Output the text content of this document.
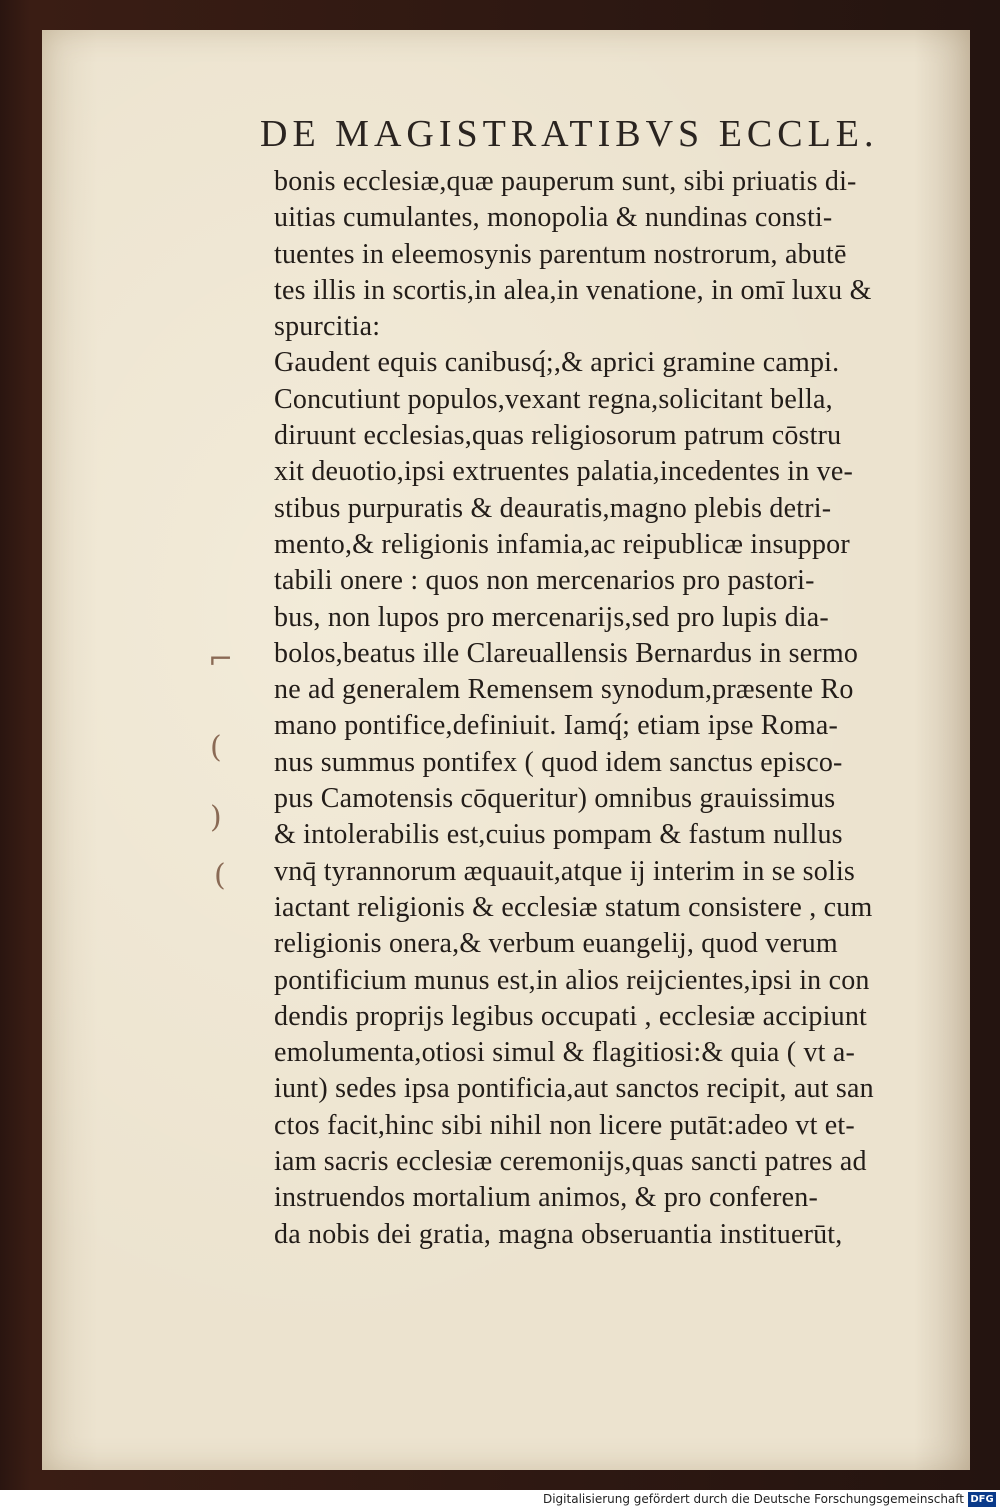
DE MAGISTRATIBVS ECCLE.
⌐
(
)
(
bonis ecclesiæ,quæ pauperum sunt, sibi priuatis di-
uitias cumulantes, monopolia & nundinas consti-
tuentes in eleemosynis parentum nostrorum, abutē
tes illis in scortis,in alea,in venatione, in omī luxu &
spurcitia:
Gaudent equis canibusq́;,& aprici gramine campi.
Concutiunt populos,vexant regna,solicitant bella,
diruunt ecclesias,quas religiosorum patrum cōstru
xit deuotio,ipsi extruentes palatia,incedentes in ve-
stibus purpuratis & deauratis,magno plebis detri-
mento,& religionis infamia,ac reipublicæ insuppor
tabili onere : quos non mercenarios pro pastori-
bus, non lupos pro mercenarijs,sed pro lupis dia-
bolos,beatus ille Clareuallensis Bernardus in sermo
ne ad generalem Remensem synodum,præsente Ro
mano pontifice,definiuit. Iamq́; etiam ipse Roma-
nus summus pontifex ( quod idem sanctus episco-
pus Camotensis cōqueritur) omnibus grauissimus
& intolerabilis est,cuius pompam & fastum nullus
vnq̄ tyrannorum æquauit,atque ij interim in se solis
iactant religionis & ecclesiæ statum consistere , cum
religionis onera,& verbum euangelij, quod verum
pontificium munus est,in alios reijcientes,ipsi in con
dendis proprijs legibus occupati , ecclesiæ accipiunt
emolumenta,otiosi simul & flagitiosi:& quia ( vt a-
iunt) sedes ipsa pontificia,aut sanctos recipit, aut san
ctos facit,hinc sibi nihil non licere putāt:adeo vt et-
iam sacris ecclesiæ ceremonijs,quas sancti patres ad
instruendos mortalium animos, & pro conferen-
da nobis dei gratia, magna obseruantia instituerūt,
Digitalisierung gefördert durch die Deutsche Forschungsgemeinschaft DFG
